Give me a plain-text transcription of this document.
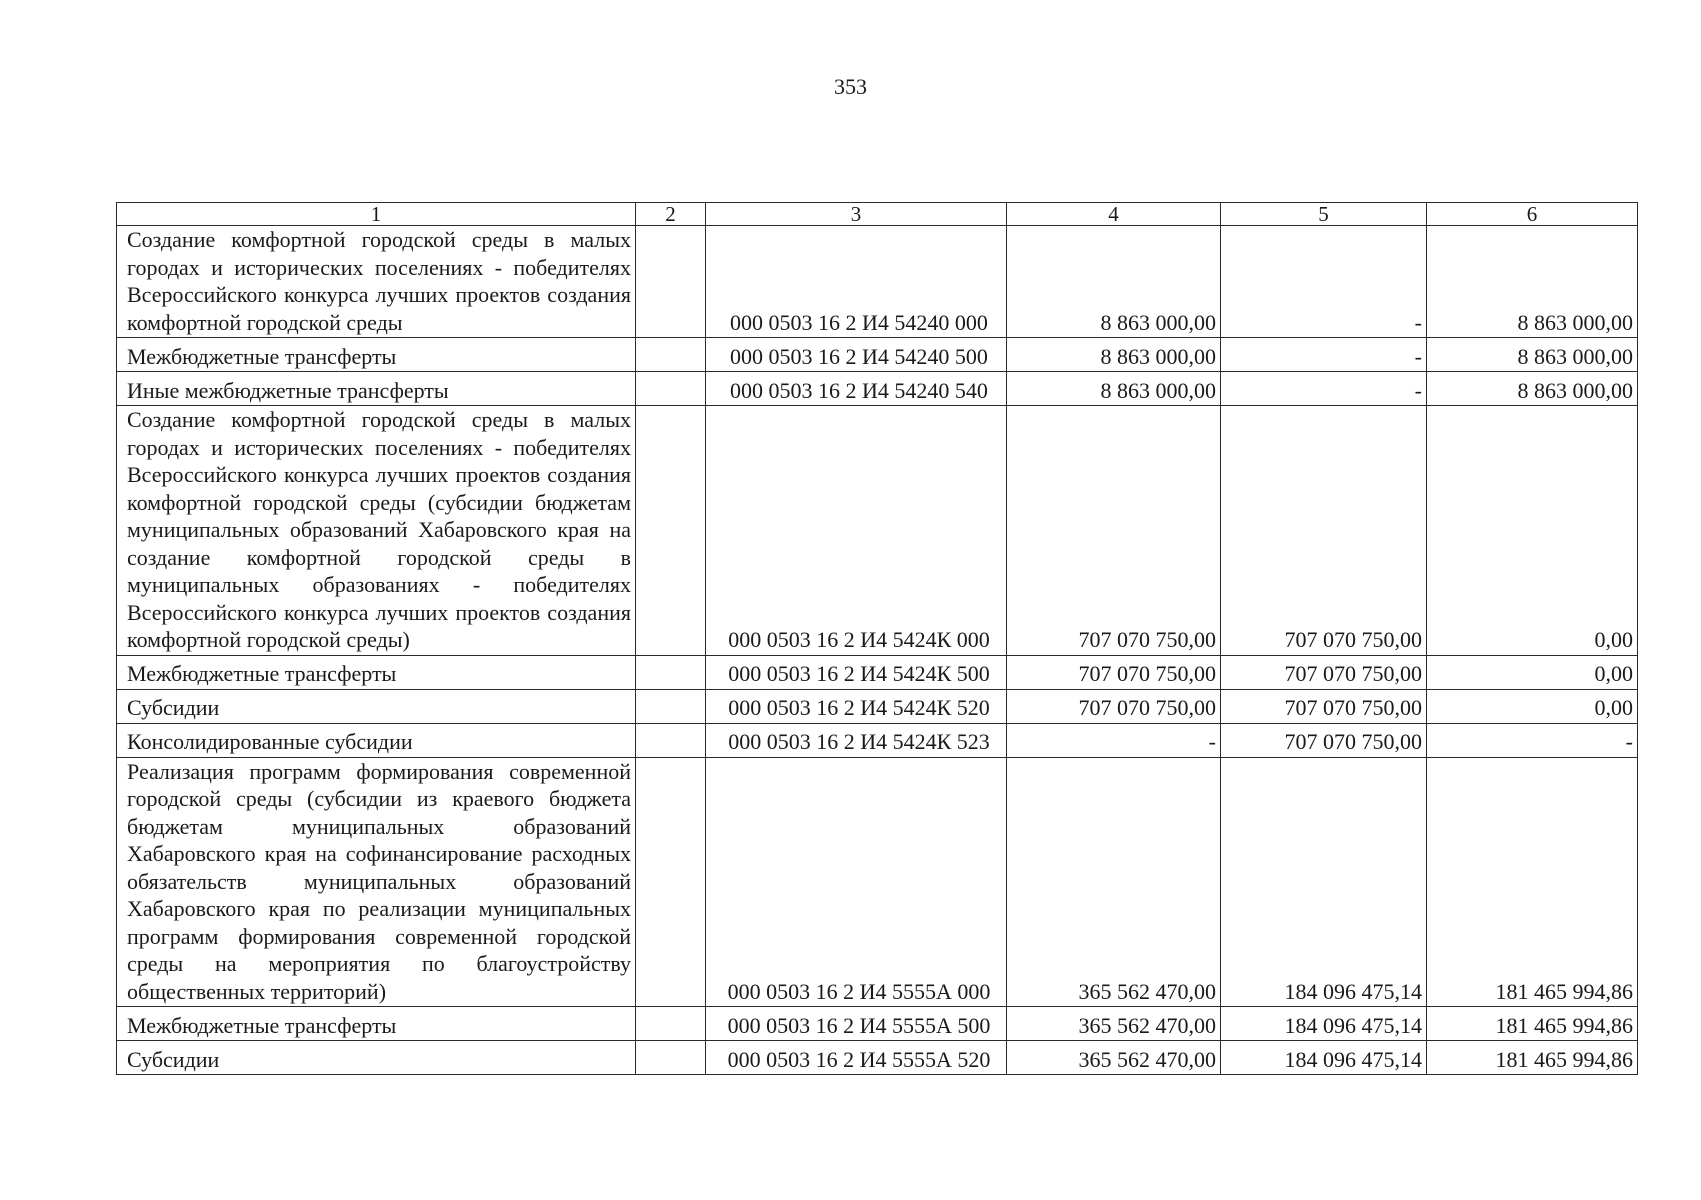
353
1	2	3	4	5	6
Создание комфортной городской среды в малых городах и исторических поселениях - победителях Всероссийского конкурса лучших проектов создания комфортной городской среды		000 0503 16 2 И4 54240 000	8 863 000,00	-	8 863 000,00
Межбюджетные трансферты		000 0503 16 2 И4 54240 500	8 863 000,00	-	8 863 000,00
Иные межбюджетные трансферты		000 0503 16 2 И4 54240 540	8 863 000,00	-	8 863 000,00
Создание комфортной городской среды в малых городах и исторических поселениях - победителях Всероссийского конкурса лучших проектов создания комфортной городской среды (субсидии бюджетам муниципальных образований Хабаровского края на создание комфортной городской среды в муниципальных образованиях - победителях Всероссийского конкурса лучших проектов создания комфортной городской среды)		000 0503 16 2 И4 5424К 000	707 070 750,00	707 070 750,00	0,00
Межбюджетные трансферты		000 0503 16 2 И4 5424К 500	707 070 750,00	707 070 750,00	0,00
Субсидии		000 0503 16 2 И4 5424К 520	707 070 750,00	707 070 750,00	0,00
Консолидированные субсидии		000 0503 16 2 И4 5424К 523	-	707 070 750,00	-
Реализация программ формирования современной городской среды (субсидии из краевого бюджета бюджетам муниципальных образований Хабаровского края на софинансирование расходных обязательств муниципальных образований Хабаровского края по реализации муниципальных программ формирования современной городской среды на мероприятия по благоустройству общественных территорий)		000 0503 16 2 И4 5555А 000	365 562 470,00	184 096 475,14	181 465 994,86
Межбюджетные трансферты		000 0503 16 2 И4 5555А 500	365 562 470,00	184 096 475,14	181 465 994,86
Субсидии		000 0503 16 2 И4 5555А 520	365 562 470,00	184 096 475,14	181 465 994,86
